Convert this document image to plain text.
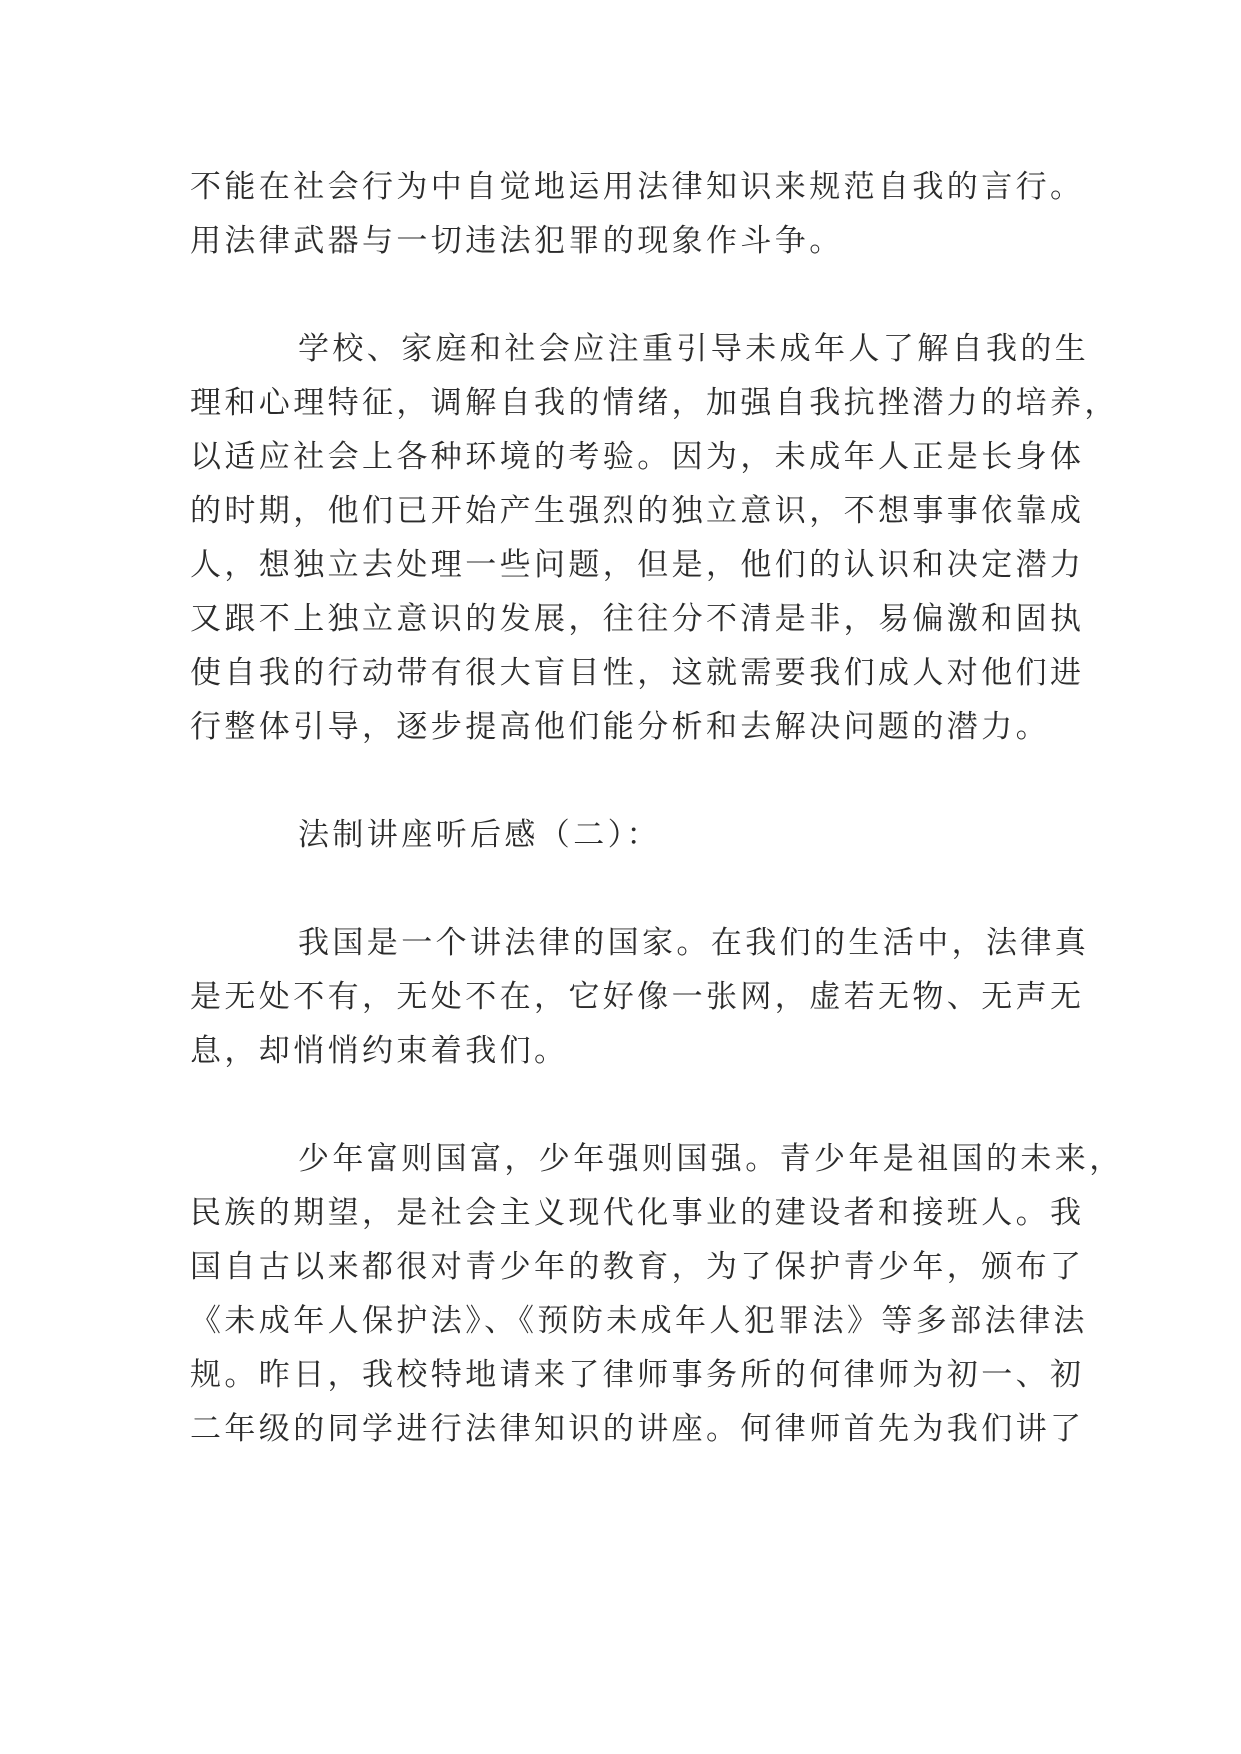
不能在社会行为中自觉地运用法律知识来规范自我的言行。
用法律武器与一切违法犯罪的现象作斗争。
学校、家庭和社会应注重引导未成年人了解自我的生
理和心理特征，调解自我的情绪，加强自我抗挫潜力的培养，
以适应社会上各种环境的考验。因为，未成年人正是长身体
的时期，他们已开始产生强烈的独立意识，不想事事依靠成
人，想独立去处理一些问题，但是，他们的认识和决定潜力
又跟不上独立意识的发展，往往分不清是非，易偏激和固执
使自我的行动带有很大盲目性，这就需要我们成人对他们进
行整体引导，逐步提高他们能分析和去解决问题的潜力。
法制讲座听后感（二）：
我国是一个讲法律的国家。在我们的生活中，法律真
是无处不有，无处不在，它好像一张网，虚若无物、无声无
息，却悄悄约束着我们。
少年富则国富，少年强则国强。青少年是祖国的未来，
民族的期望，是社会主义现代化事业的建设者和接班人。我
国自古以来都很对青少年的教育，为了保护青少年，颁布了
《未成年人保护法》、《预防未成年人犯罪法》等多部法律法
规。昨日，我校特地请来了律师事务所的何律师为初一、初
二年级的同学进行法律知识的讲座。何律师首先为我们讲了
